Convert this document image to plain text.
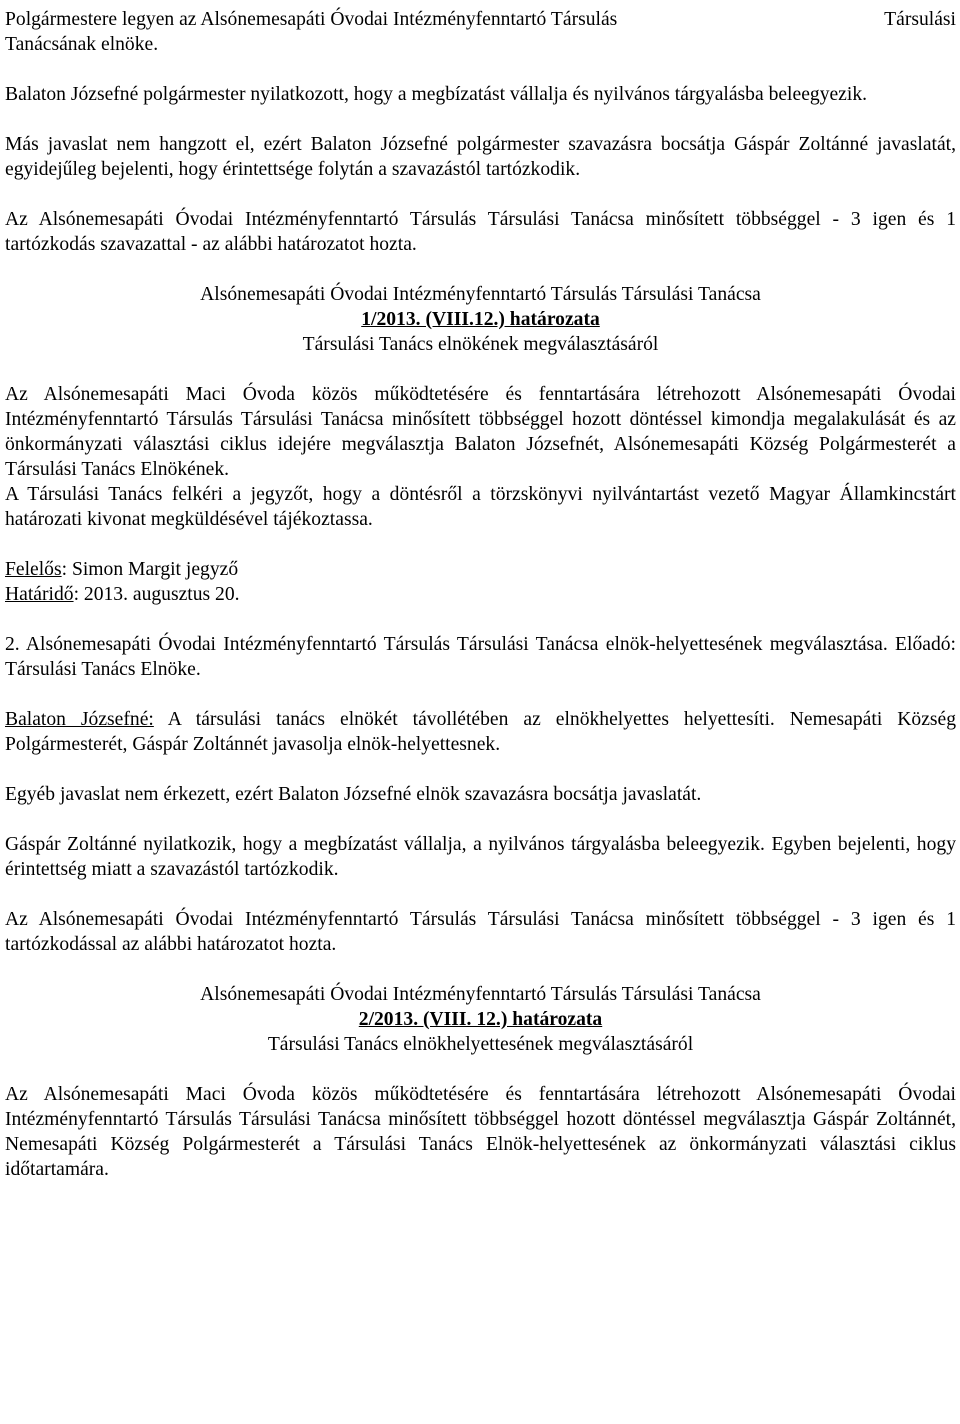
Polgármestere legyen az Alsónemesapáti Óvodai Intézményfenntartó Társulás	Társulási

Tanácsának elnöke.

Balaton Józsefné polgármester nyilatkozott, hogy a megbízatást vállalja és nyilvános tárgyalásba beleegyezik.

Más javaslat nem hangzott el, ezért Balaton Józsefné polgármester szavazásra bocsátja Gáspár Zoltánné javaslatát, egyidejűleg bejelenti, hogy érintettsége folytán a szavazástól tartózkodik.

Az Alsónemesapáti Óvodai Intézményfenntartó Társulás Társulási Tanácsa minősített többséggel - 3 igen és 1 tartózkodás szavazattal - az alábbi határozatot hozta.

Alsónemesapáti Óvodai Intézményfenntartó Társulás Társulási Tanácsa

1/2013. (VIII.12.) határozata

Társulási Tanács elnökének megválasztásáról

Az Alsónemesapáti Maci Óvoda közös működtetésére és fenntartására létrehozott Alsónemesapáti Óvodai Intézményfenntartó Társulás Társulási Tanácsa minősített többséggel hozott döntéssel kimondja megalakulását és az önkormányzati választási ciklus idejére megválasztja Balaton Józsefnét, Alsónemesapáti Község Polgármesterét a Társulási Tanács Elnökének.

A Társulási Tanács felkéri a jegyzőt, hogy a döntésről a törzskönyvi nyilvántartást vezető Magyar Államkincstárt határozati kivonat megküldésével tájékoztassa.

Felelős: Simon Margit jegyző

Határidő: 2013. augusztus 20.

2. Alsónemesapáti Óvodai Intézményfenntartó Társulás Társulási Tanácsa elnök-helyettesének megválasztása. Előadó: Társulási Tanács Elnöke.

Balaton Józsefné: A társulási tanács elnökét távollétében az elnökhelyettes helyettesíti. Nemesapáti Község Polgármesterét, Gáspár Zoltánnét javasolja elnök-helyettesnek.

Egyéb javaslat nem érkezett, ezért Balaton Józsefné elnök szavazásra bocsátja javaslatát.

Gáspár Zoltánné nyilatkozik, hogy a megbízatást vállalja, a nyilvános tárgyalásba beleegyezik. Egyben bejelenti, hogy érintettség miatt a szavazástól tartózkodik.

Az Alsónemesapáti Óvodai Intézményfenntartó Társulás Társulási Tanácsa minősített többséggel - 3 igen és 1 tartózkodással az alábbi határozatot hozta.

Alsónemesapáti Óvodai Intézményfenntartó Társulás Társulási Tanácsa

2/2013. (VIII. 12.) határozata

Társulási Tanács elnökhelyettesének megválasztásáról

Az Alsónemesapáti Maci Óvoda közös működtetésére és fenntartására létrehozott Alsónemesapáti Óvodai Intézményfenntartó Társulás Társulási Tanácsa minősített többséggel hozott döntéssel megválasztja Gáspár Zoltánnét, Nemesapáti Község Polgármesterét a Társulási Tanács Elnök-helyettesének az önkormányzati választási ciklus időtartamára.
